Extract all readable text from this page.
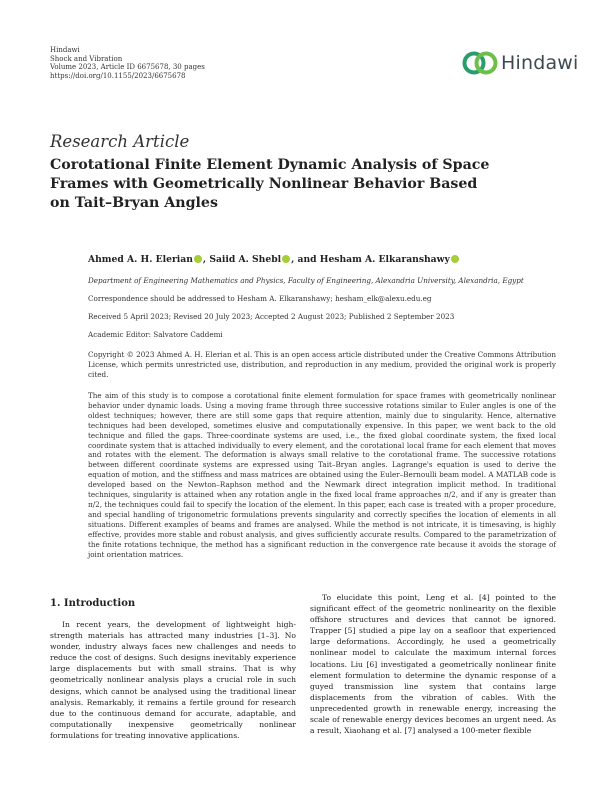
Hindawi
Shock and Vibration
Volume 2023, Article ID 6675678, 30 pages
https://doi.org/10.1155/2023/6675678
Hindawi
Research Article
Corotational Finite Element Dynamic Analysis of Space Frames with Geometrically Nonlinear Behavior Based on Tait–Bryan Angles
Ahmed A. H. Elerian , Saiid A. Shebl , and Hesham A. Elkaranshawy
Department of Engineering Mathematics and Physics, Faculty of Engineering, Alexandria University, Alexandria, Egypt
Correspondence should be addressed to Hesham A. Elkaranshawy; hesham_elk@alexu.edu.eg
Received 5 April 2023; Revised 20 July 2023; Accepted 2 August 2023; Published 2 September 2023
Academic Editor: Salvatore Caddemi
Copyright © 2023 Ahmed A. H. Elerian et al. This is an open access article distributed under the Creative Commons Attribution License, which permits unrestricted use, distribution, and reproduction in any medium, provided the original work is properly cited.
The aim of this study is to compose a corotational finite element formulation for space frames with geometrically nonlinear behavior under dynamic loads. Using a moving frame through three successive rotations similar to Euler angles is one of the oldest techniques; however, there are still some gaps that require attention, mainly due to singularity. Hence, alternative techniques had been developed, sometimes elusive and computationally expensive. In this paper, we went back to the old technique and filled the gaps. Three-coordinate systems are used, i.e., the fixed global coordinate system, the fixed local coordinate system that is attached individually to every element, and the corotational local frame for each element that moves and rotates with the element. The deformation is always small relative to the corotational frame. The successive rotations between different coordinate systems are expressed using Tait–Bryan angles. Lagrange's equation is used to derive the equation of motion, and the stiffness and mass matrices are obtained using the Euler–Bernoulli beam model. A MATLAB code is developed based on the Newton–Raphson method and the Newmark direct integration implicit method. In traditional techniques, singularity is attained when any rotation angle in the fixed local frame approaches π/2, and if any is greater than π/2, the techniques could fail to specify the location of the element. In this paper, each case is treated with a proper procedure, and special handling of trigonometric formulations prevents singularity and correctly specifies the location of elements in all situations. Different examples of beams and frames are analysed. While the method is not intricate, it is timesaving, is highly effective, provides more stable and robust analysis, and gives sufficiently accurate results. Compared to the parametrization of the finite rotations technique, the method has a significant reduction in the convergence rate because it avoids the storage of joint orientation matrices.
1. Introduction
In recent years, the development of lightweight high-strength materials has attracted many industries [1–3]. No wonder, industry always faces new challenges and needs to reduce the cost of designs. Such designs inevitably experience large displacements but with small strains. That is why geometrically nonlinear analysis plays a crucial role in such designs, which cannot be analysed using the traditional linear analysis. Remarkably, it remains a fertile ground for research due to the continuous demand for accurate, adaptable, and computationally inexpensive geometrically nonlinear formulations for treating innovative applications.
To elucidate this point, Leng et al. [4] pointed to the significant effect of the geometric nonlinearity on the flexible offshore structures and devices that cannot be ignored. Trapper [5] studied a pipe lay on a seafloor that experienced large deformations. Accordingly, he used a geometrically nonlinear model to calculate the maximum internal forces locations. Liu [6] investigated a geometrically nonlinear finite element formulation to determine the dynamic response of a guyed transmission line system that contains large displacements from the vibration of cables. With the unprecedented growth in renewable energy, increasing the scale of renewable energy devices becomes an urgent need. As a result, Xiaohang et al. [7] analysed a 100-meter flexible
